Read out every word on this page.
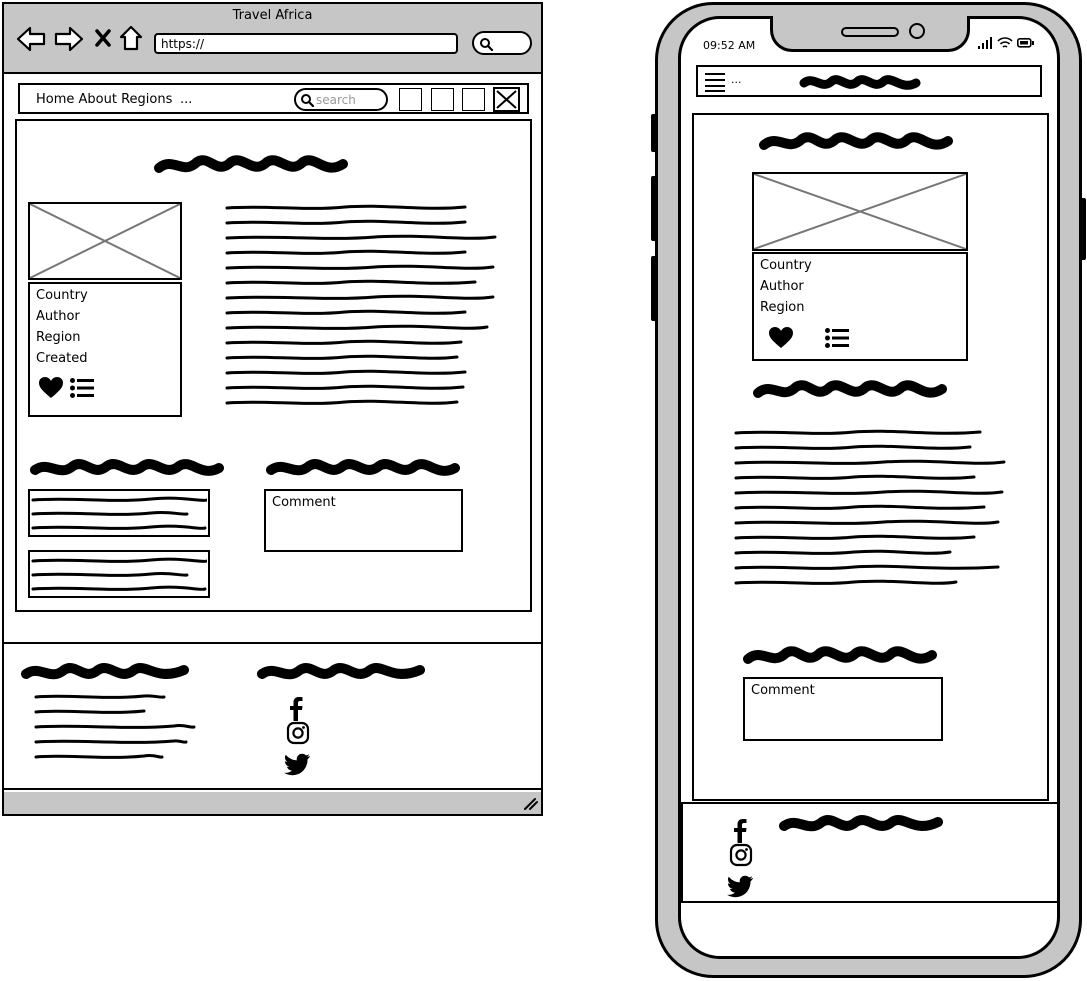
Travel Africa
https://
Home About Regions ...	search
Country
Author
Region
Created
Comment
09:52 AM
...
Country
Author
Region
Comment
